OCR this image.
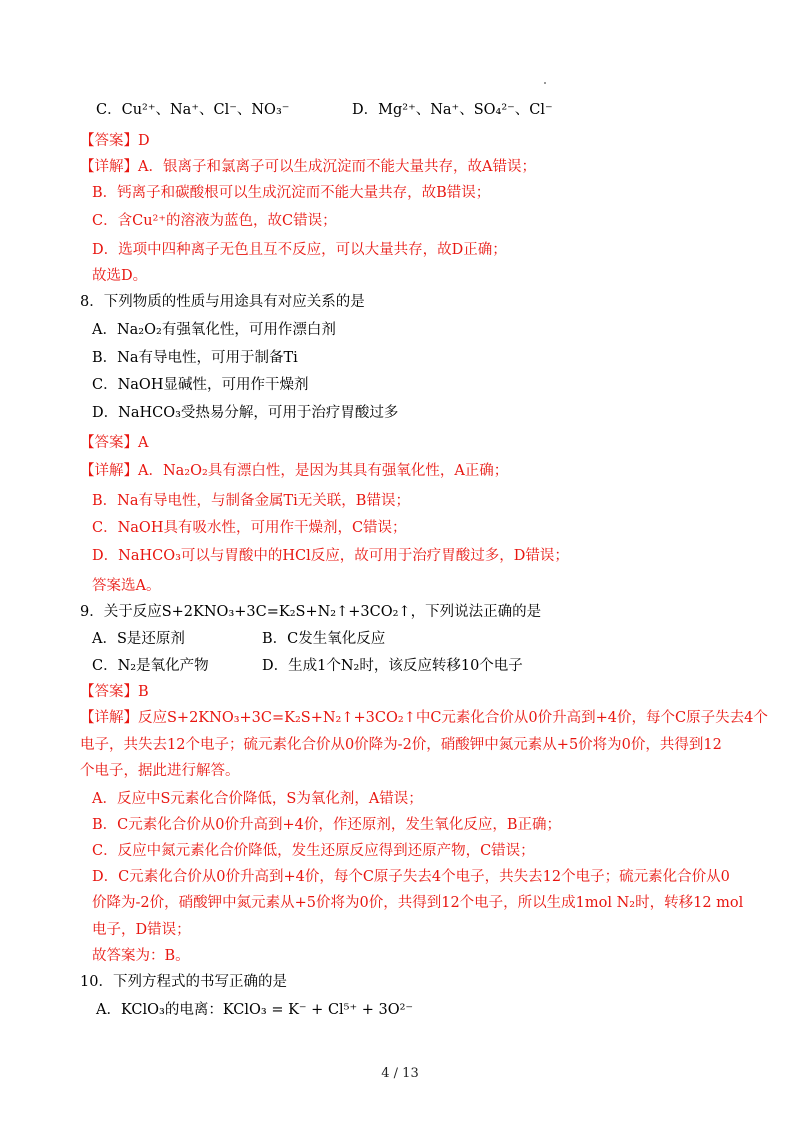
C．Cu²⁺、Na⁺、Cl⁻、NO₃⁻	D．Mg²⁺、Na⁺、SO₄²⁻、Cl⁻
【答案】D
【详解】A．银离子和氯离子可以生成沉淀而不能大量共存，故A错误；
B．钙离子和碳酸根可以生成沉淀而不能大量共存，故B错误；
C．含Cu²⁺的溶液为蓝色，故C错误；
D．选项中四种离子无色且互不反应，可以大量共存，故D正确；
故选D。
8．下列物质的性质与用途具有对应关系的是
A．Na₂O₂有强氧化性，可用作漂白剂
B．Na有导电性，可用于制备Ti
C．NaOH显碱性，可用作干燥剂
D．NaHCO₃受热易分解，可用于治疗胃酸过多
【答案】A
【详解】A．Na₂O₂具有漂白性，是因为其具有强氧化性，A正确；
B．Na有导电性，与制备金属Ti无关联，B错误；
C．NaOH具有吸水性，可用作干燥剂，C错误；
D．NaHCO₃可以与胃酸中的HCl反应，故可用于治疗胃酸过多，D错误；
答案选A。
9．关于反应S+2KNO₃+3C=K₂S+N₂↑+3CO₂↑，下列说法正确的是
A．S是还原剂	B．C发生氧化反应
C．N₂是氧化产物	D．生成1个N₂时，该反应转移10个电子
【答案】B
【详解】反应S+2KNO₃+3C=K₂S+N₂↑+3CO₂↑中C元素化合价从0价升高到+4价，每个C原子失去4个
电子，共失去12个电子；硫元素化合价从0价降为-2价，硝酸钾中氮元素从+5价将为0价，共得到12
个电子，据此进行解答。
A．反应中S元素化合价降低，S为氧化剂，A错误；
B．C元素化合价从0价升高到+4价，作还原剂，发生氧化反应，B正确；
C．反应中氮元素化合价降低，发生还原反应得到还原产物，C错误；
D．C元素化合价从0价升高到+4价，每个C原子失去4个电子，共失去12个电子；硫元素化合价从0
价降为-2价，硝酸钾中氮元素从+5价将为0价，共得到12个电子，所以生成1mol N₂时，转移12 mol
电子，D错误；
故答案为：B。
10．下列方程式的书写正确的是
A．KClO₃的电离：KClO₃ = K⁻ + Cl⁵⁺ + 3O²⁻
4 / 13
